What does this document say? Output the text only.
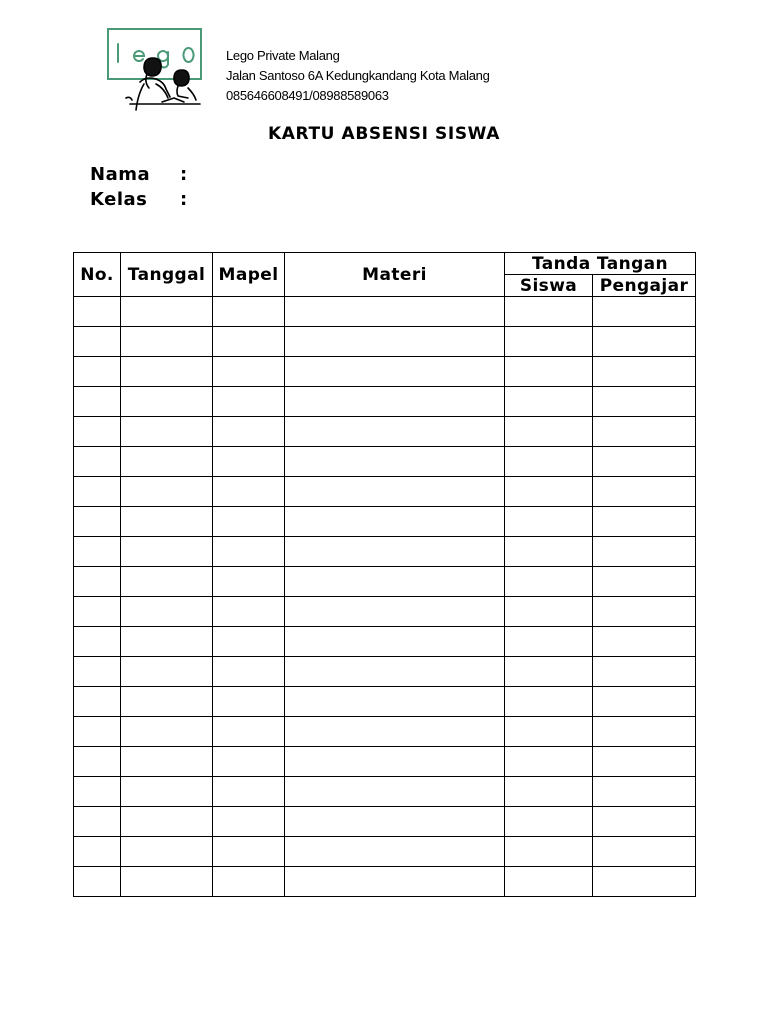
Lego Private Malang
Jalan Santoso 6A Kedungkandang Kota Malang
085646608491/08988589063
KARTU ABSENSI SISWA
Nama	:
Kelas	:
No.	Tanggal	Mapel	Materi	Tanda Tangan	
				Siswa	Pengajar
